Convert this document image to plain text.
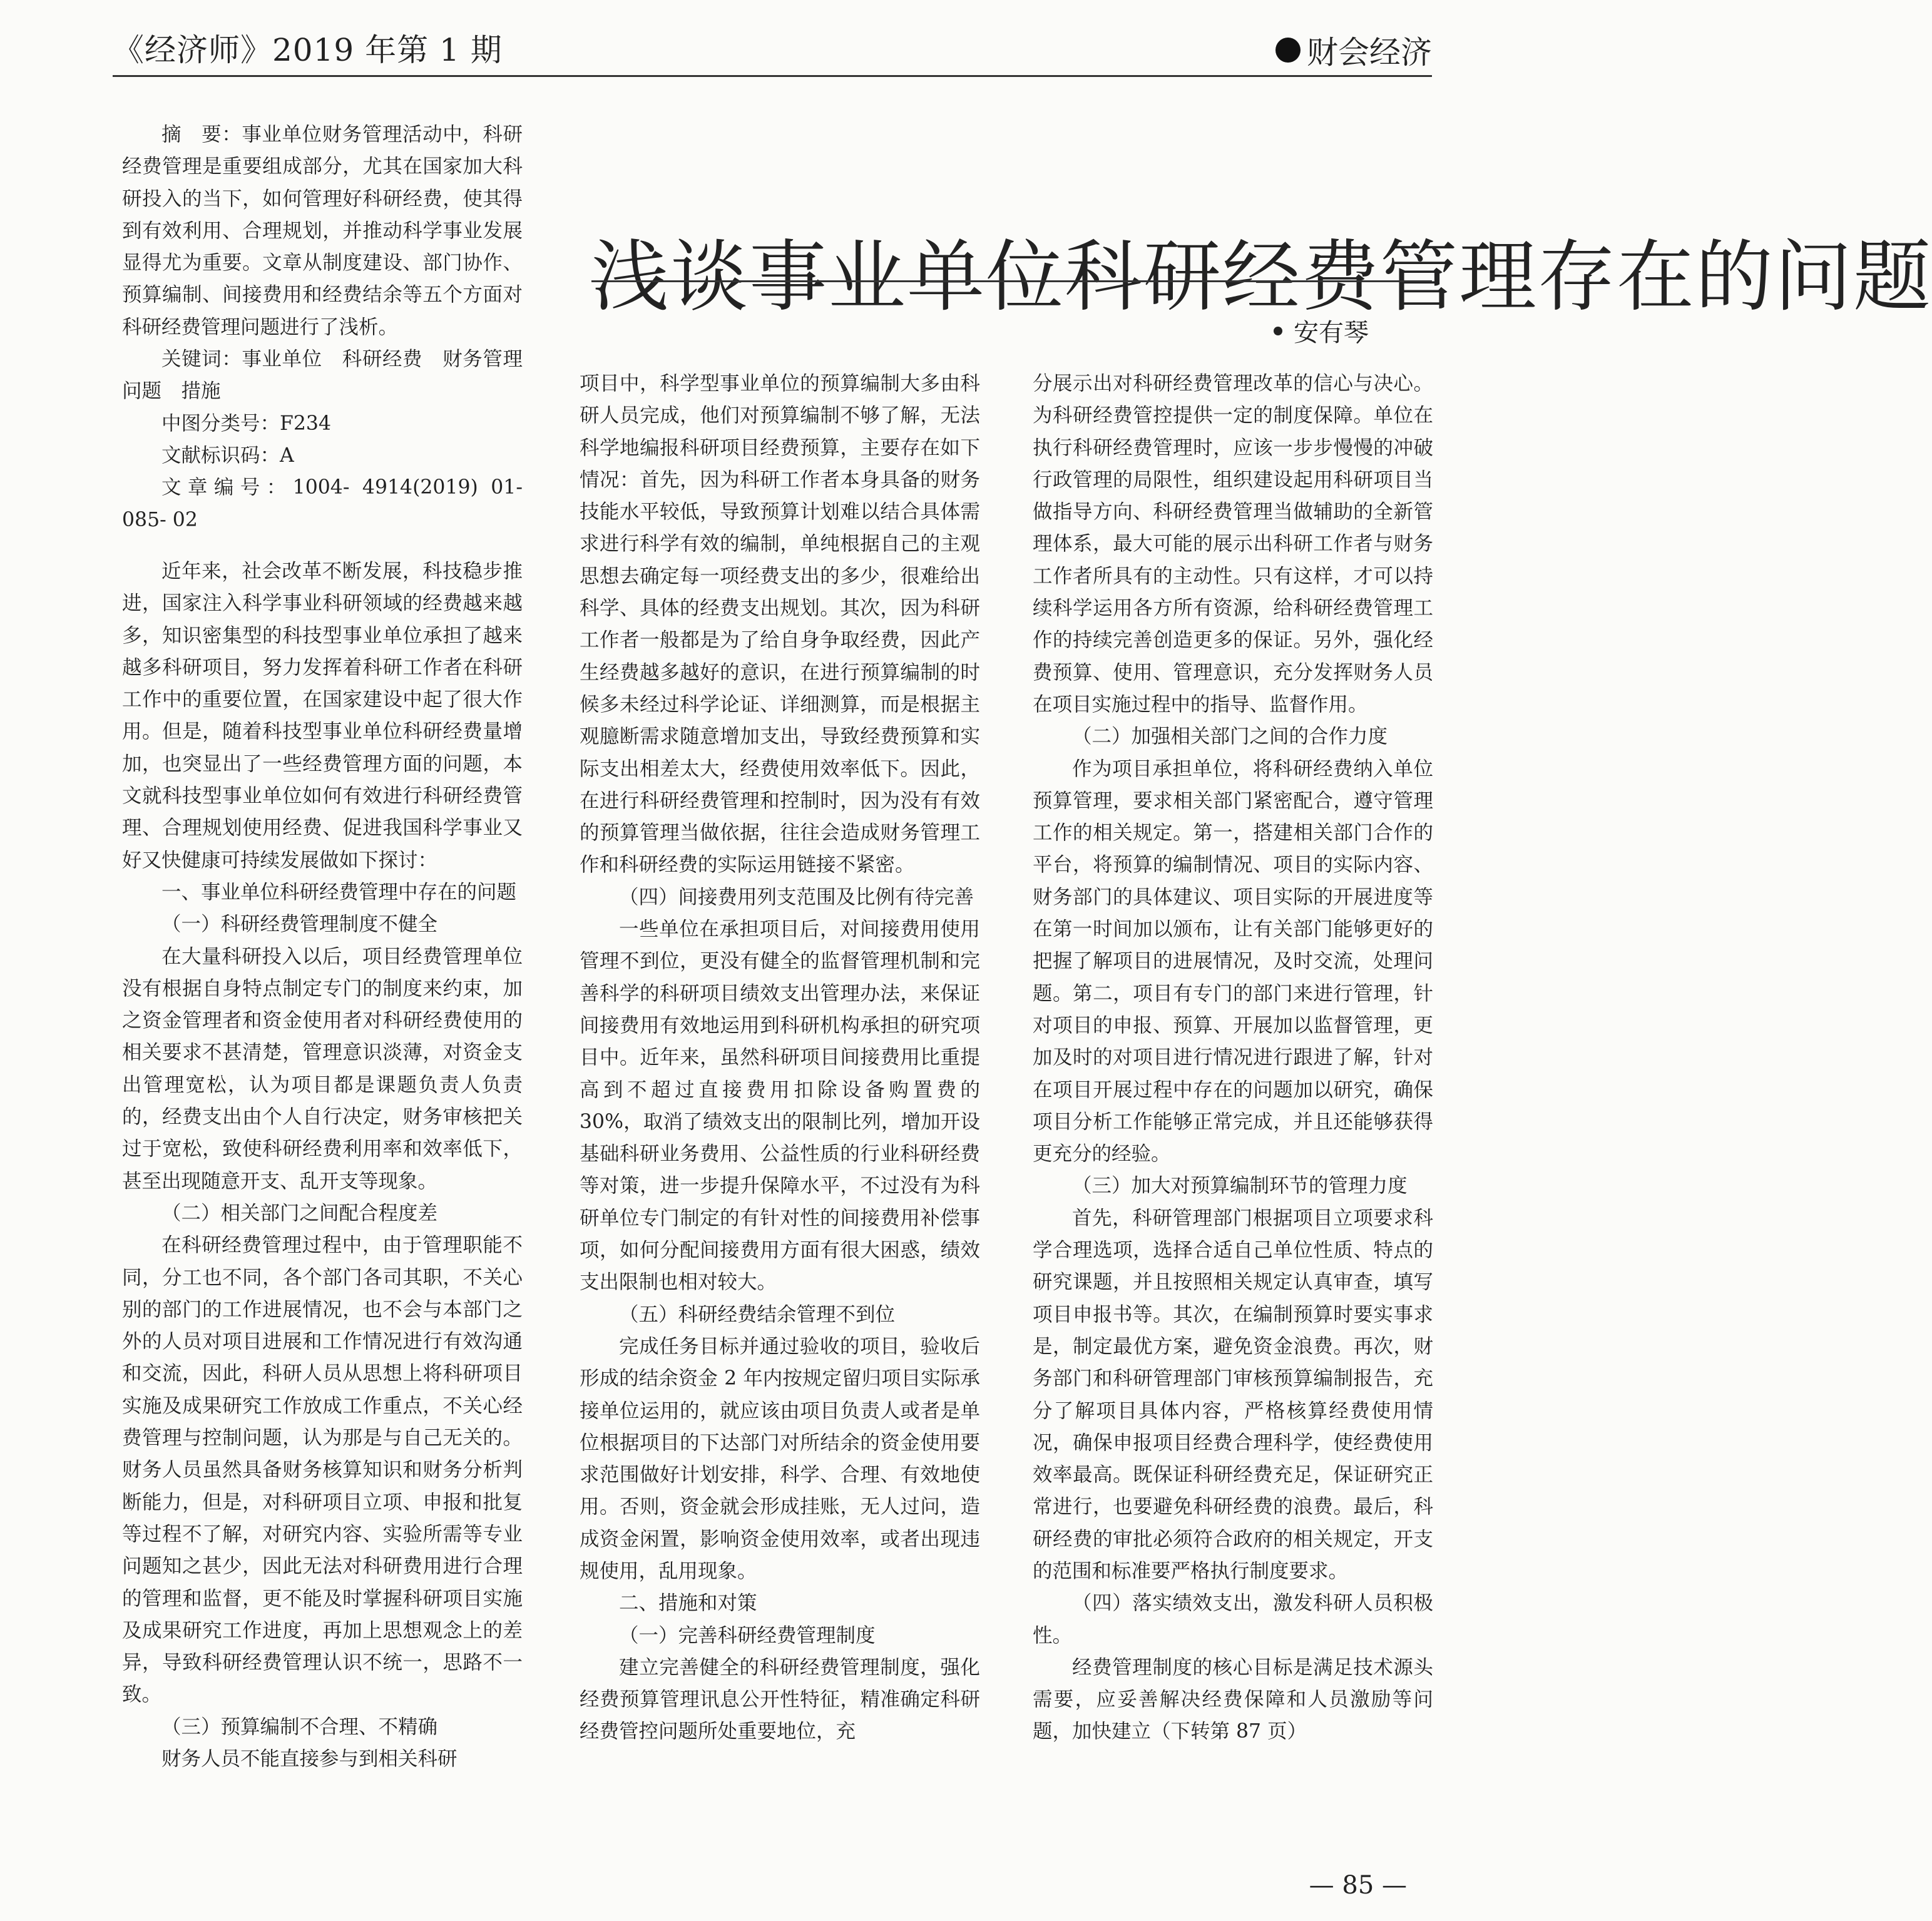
《经济师》2019 年第 1 期	财会经济
浅谈事业单位科研经费管理存在的问题
安有琴

摘　要：事业单位财务管理活动中，科研经费管理是重要组成部分，尤其在国家加大科研投入的当下，如何管理好科研经费，使其得到有效利用、合理规划，并推动科学事业发展显得尤为重要。文章从制度建设、部门协作、预算编制、间接费用和经费结余等五个方面对科研经费管理问题进行了浅析。

关键词：事业单位　科研经费　财务管理　问题　措施

中图分类号：F234

文献标识码：A

文章编号：1004- 4914(2019) 01- 085- 02

近年来，社会改革不断发展，科技稳步推进，国家注入科学事业科研领域的经费越来越多，知识密集型的科技型事业单位承担了越来越多科研项目，努力发挥着科研工作者在科研工作中的重要位置，在国家建设中起了很大作用。但是，随着科技型事业单位科研经费量增加，也突显出了一些经费管理方面的问题，本文就科技型事业单位如何有效进行科研经费管理、合理规划使用经费、促进我国科学事业又好又快健康可持续发展做如下探讨：

一、事业单位科研经费管理中存在的问题

（一）科研经费管理制度不健全

在大量科研投入以后，项目经费管理单位没有根据自身特点制定专门的制度来约束，加之资金管理者和资金使用者对科研经费使用的相关要求不甚清楚，管理意识淡薄，对资金支出管理宽松，认为项目都是课题负责人负责的，经费支出由个人自行决定，财务审核把关过于宽松，致使科研经费利用率和效率低下，甚至出现随意开支、乱开支等现象。

（二）相关部门之间配合程度差

在科研经费管理过程中，由于管理职能不同，分工也不同，各个部门各司其职，不关心别的部门的工作进展情况，也不会与本部门之外的人员对项目进展和工作情况进行有效沟通和交流，因此，科研人员从思想上将科研项目实施及成果研究工作放成工作重点，不关心经费管理与控制问题，认为那是与自己无关的。财务人员虽然具备财务核算知识和财务分析判断能力，但是，对科研项目立项、申报和批复等过程不了解，对研究内容、实验所需等专业问题知之甚少，因此无法对科研费用进行合理的管理和监督，更不能及时掌握科研项目实施及成果研究工作进度，再加上思想观念上的差异，导致科研经费管理认识不统一，思路不一致。

（三）预算编制不合理、不精确

财务人员不能直接参与到相关科研

项目中，科学型事业单位的预算编制大多由科研人员完成，他们对预算编制不够了解，无法科学地编报科研项目经费预算，主要存在如下情况：首先，因为科研工作者本身具备的财务技能水平较低，导致预算计划难以结合具体需求进行科学有效的编制，单纯根据自己的主观思想去确定每一项经费支出的多少，很难给出科学、具体的经费支出规划。其次，因为科研工作者一般都是为了给自身争取经费，因此产生经费越多越好的意识，在进行预算编制的时候多未经过科学论证、详细测算，而是根据主观臆断需求随意增加支出，导致经费预算和实际支出相差太大，经费使用效率低下。因此，在进行科研经费管理和控制时，因为没有有效的预算管理当做依据，往往会造成财务管理工作和科研经费的实际运用链接不紧密。

（四）间接费用列支范围及比例有待完善

一些单位在承担项目后，对间接费用使用管理不到位，更没有健全的监督管理机制和完善科学的科研项目绩效支出管理办法，来保证间接费用有效地运用到科研机构承担的研究项目中。近年来，虽然科研项目间接费用比重提高到不超过直接费用扣除设备购置费的 30%，取消了绩效支出的限制比列，增加开设基础科研业务费用、公益性质的行业科研经费等对策，进一步提升保障水平，不过没有为科研单位专门制定的有针对性的间接费用补偿事项，如何分配间接费用方面有很大困惑，绩效支出限制也相对较大。

（五）科研经费结余管理不到位

完成任务目标并通过验收的项目，验收后形成的结余资金 2 年内按规定留归项目实际承接单位运用的，就应该由项目负责人或者是单位根据项目的下达部门对所结余的资金使用要求范围做好计划安排，科学、合理、有效地使用。否则，资金就会形成挂账，无人过问，造成资金闲置，影响资金使用效率，或者出现违规使用，乱用现象。

二、措施和对策

（一）完善科研经费管理制度

建立完善健全的科研经费管理制度，强化经费预算管理讯息公开性特征，精准确定科研经费管控问题所处重要地位，充

分展示出对科研经费管理改革的信心与决心。为科研经费管控提供一定的制度保障。单位在执行科研经费管理时，应该一步步慢慢的冲破行政管理的局限性，组织建设起用科研项目当做指导方向、科研经费管理当做辅助的全新管理体系，最大可能的展示出科研工作者与财务工作者所具有的主动性。只有这样，才可以持续科学运用各方所有资源，给科研经费管理工作的持续完善创造更多的保证。另外，强化经费预算、使用、管理意识，充分发挥财务人员在项目实施过程中的指导、监督作用。

（二）加强相关部门之间的合作力度

作为项目承担单位，将科研经费纳入单位预算管理，要求相关部门紧密配合，遵守管理工作的相关规定。第一，搭建相关部门合作的平台，将预算的编制情况、项目的实际内容、财务部门的具体建议、项目实际的开展进度等在第一时间加以颁布，让有关部门能够更好的把握了解项目的进展情况，及时交流，处理问题。第二，项目有专门的部门来进行管理，针对项目的申报、预算、开展加以监督管理，更加及时的对项目进行情况进行跟进了解，针对在项目开展过程中存在的问题加以研究，确保项目分析工作能够正常完成，并且还能够获得更充分的经验。

（三）加大对预算编制环节的管理力度

首先，科研管理部门根据项目立项要求科学合理选项，选择合适自己单位性质、特点的研究课题，并且按照相关规定认真审查，填写项目申报书等。其次，在编制预算时要实事求是，制定最优方案，避免资金浪费。再次，财务部门和科研管理部门审核预算编制报告，充分了解项目具体内容，严格核算经费使用情况，确保申报项目经费合理科学，使经费使用效率最高。既保证科研经费充足，保证研究正常进行，也要避免科研经费的浪费。最后，科研经费的审批必须符合政府的相关规定，开支的范围和标准要严格执行制度要求。

（四）落实绩效支出，激发科研人员积极性。

经费管理制度的核心目标是满足技术源头需要，应妥善解决经费保障和人员激励等问题，加快建立（下转第 87 页）

— 85 —
